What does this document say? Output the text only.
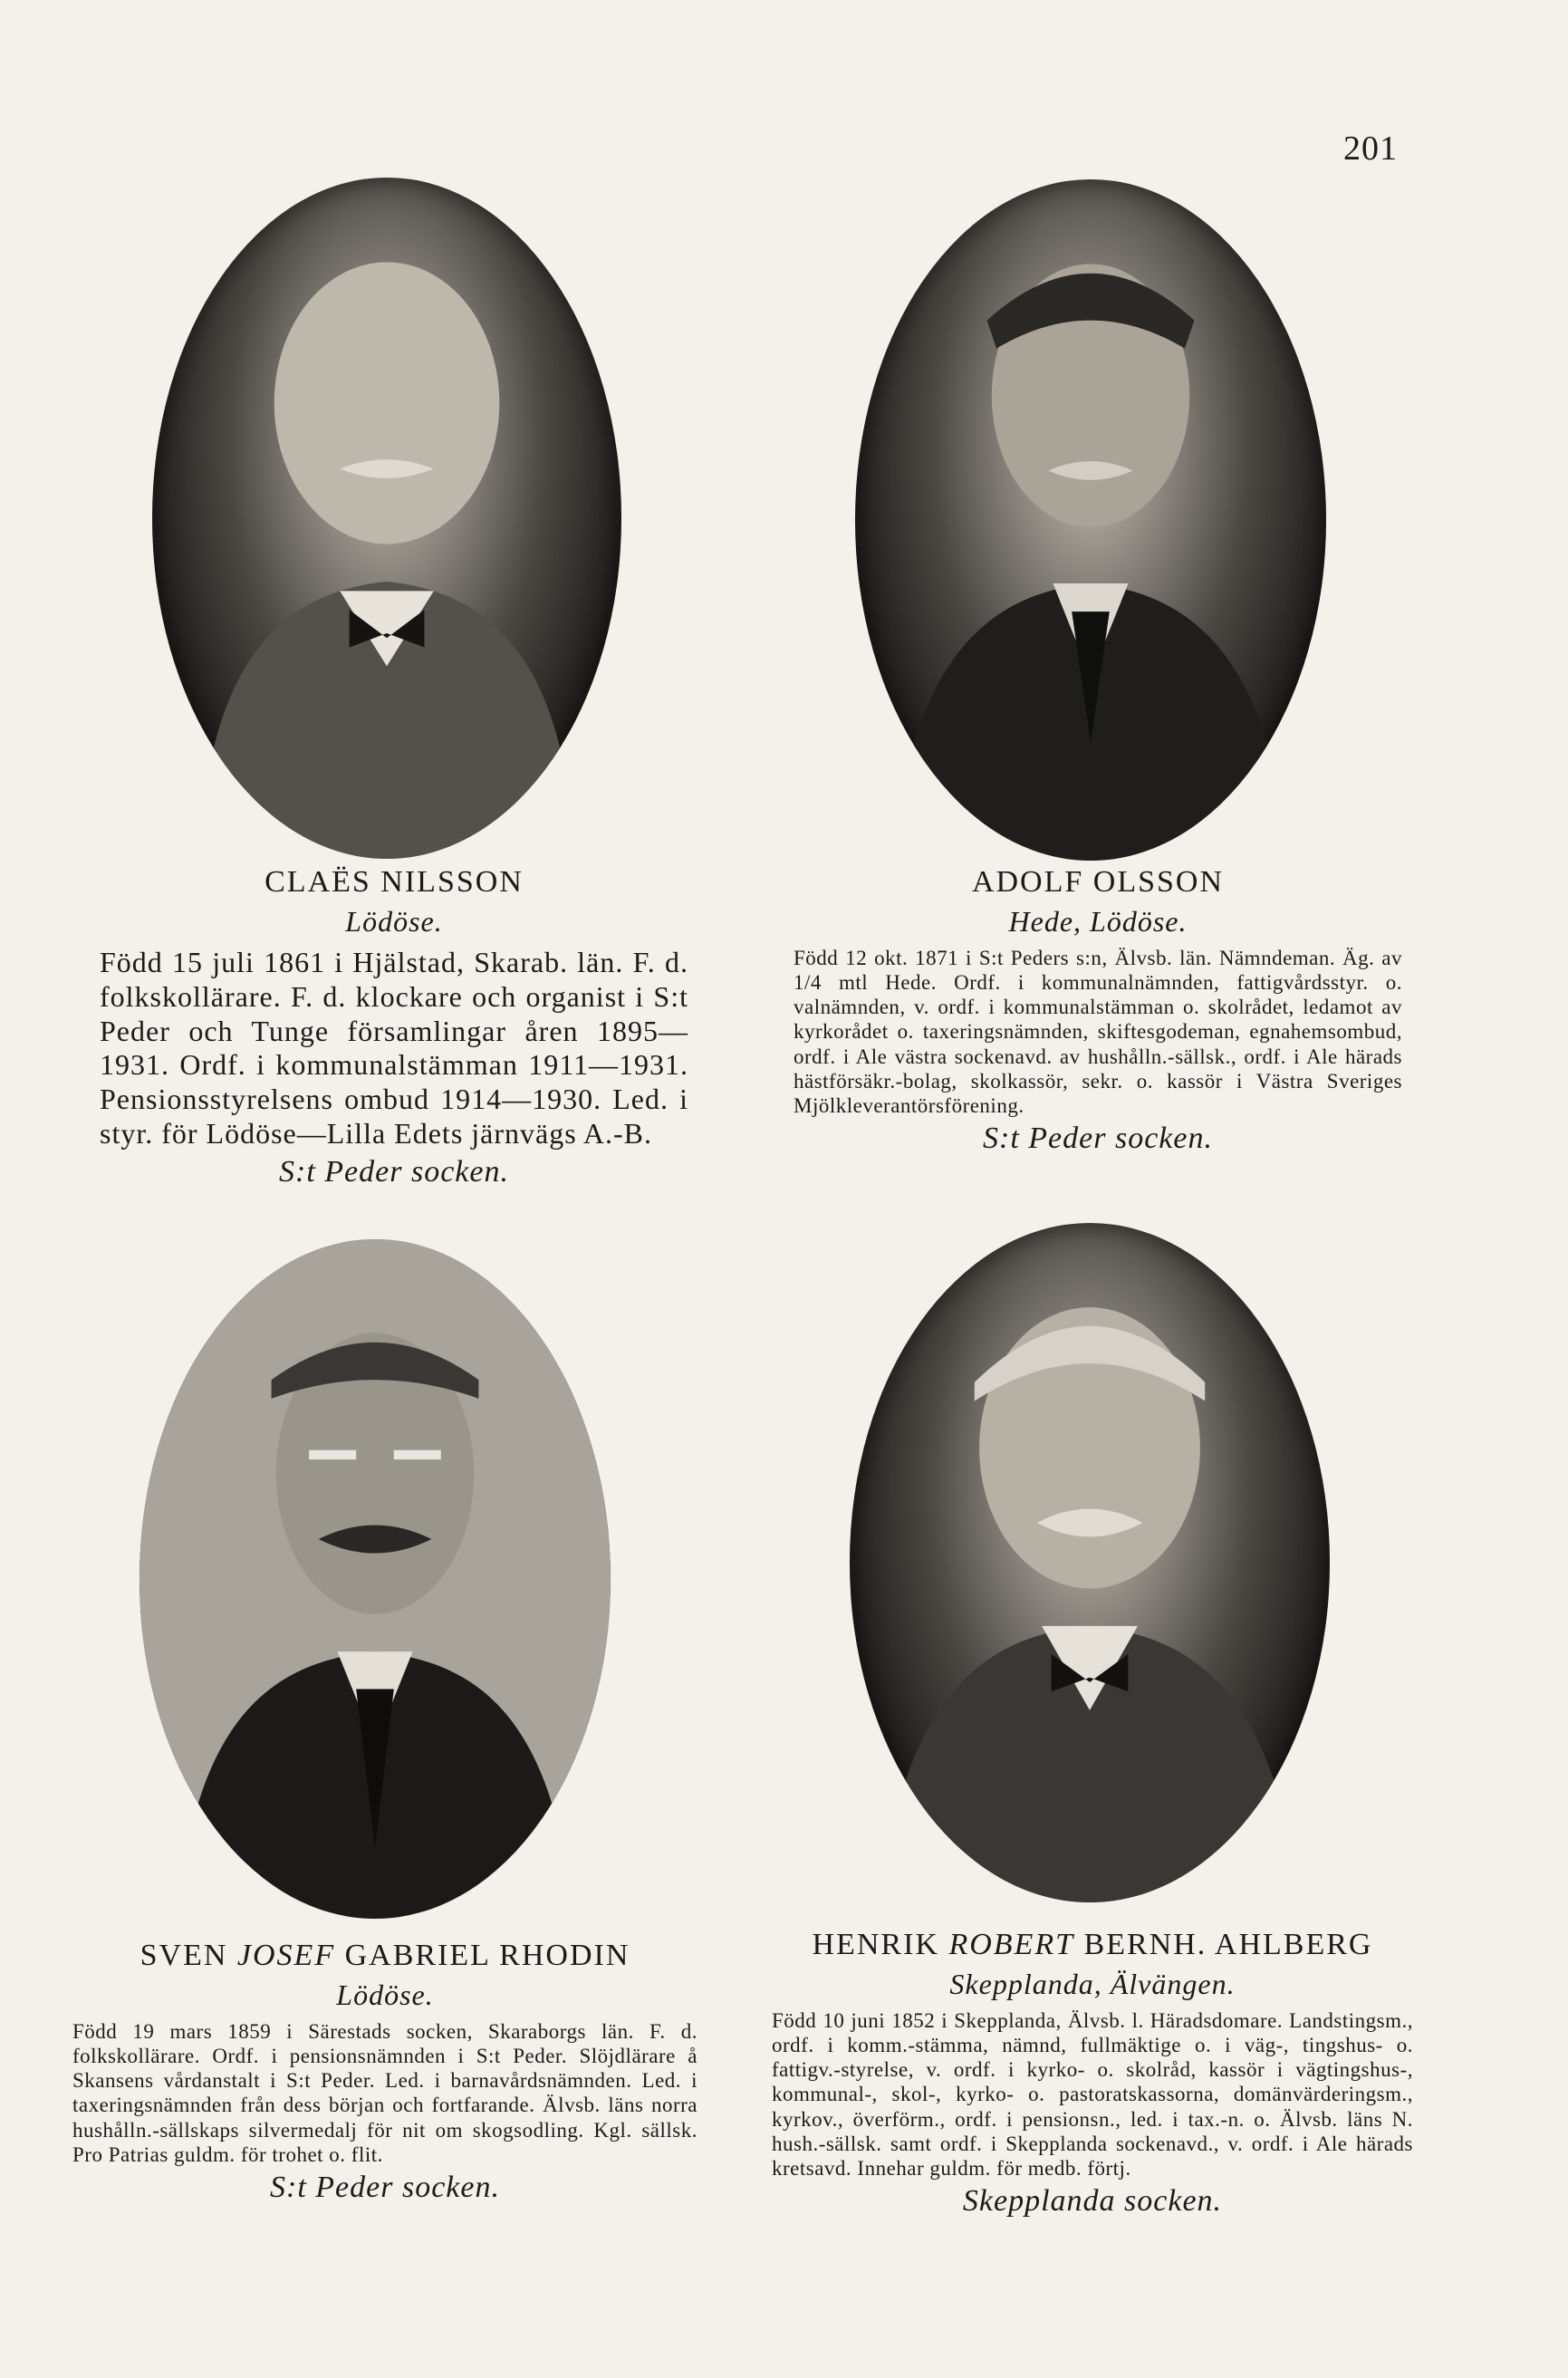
201
CLAËS NILSSON
Lödöse.

Född 15 juli 1861 i Hjälstad, Skarab. län. F. d. folkskollärare. F. d. klockare och organist i S:t Peder och Tunge församlingar åren 1895—1931. Ordf. i kommunalstämman 1911—1931. Pensionsstyrelsens ombud 1914—1930. Led. i styr. för Lödöse—Lilla Edets järnvägs A.-B.

S:t Peder socken.
ADOLF OLSSON
Hede, Lödöse.

Född 12 okt. 1871 i S:t Peders s:n, Älvsb. län. Nämndeman. Äg. av 1/4 mtl Hede. Ordf. i kommunalnämnden, fattigvårdsstyr. o. valnämnden, v. ordf. i kommunalstämman o. skolrådet, ledamot av kyrkorådet o. taxeringsnämnden, skiftesgodeman, egnahemsombud, ordf. i Ale västra sockenavd. av hushålln.-sällsk., ordf. i Ale härads hästförsäkr.-bolag, skolkassör, sekr. o. kassör i Västra Sveriges Mjölkleverantörsförening.

S:t Peder socken.
SVEN JOSEF GABRIEL RHODIN
Lödöse.

Född 19 mars 1859 i Särestads socken, Skaraborgs län. F. d. folkskollärare. Ordf. i pensionsnämnden i S:t Peder. Slöjdlärare å Skansens vårdanstalt i S:t Peder. Led. i barnavårdsnämnden. Led. i taxeringsnämnden från dess början och fortfarande. Älvsb. läns norra hushålln.-sällskaps silvermedalj för nit om skogsodling. Kgl. sällsk. Pro Patrias guldm. för trohet o. flit.

S:t Peder socken.
HENRIK ROBERT BERNH. AHLBERG
Skepplanda, Älvängen.

Född 10 juni 1852 i Skepplanda, Älvsb. l. Häradsdomare. Landstingsm., ordf. i komm.-stämma, nämnd, fullmäktige o. i väg-, tingshus- o. fattigv.-styrelse, v. ordf. i kyrko- o. skolråd, kassör i vägtingshus-, kommunal-, skol-, kyrko- o. pastoratskassorna, domänvärderingsm., kyrkov., överförm., ordf. i pensionsn., led. i tax.-n. o. Älvsb. läns N. hush.-sällsk. samt ordf. i Skepplanda sockenavd., v. ordf. i Ale härads kretsavd. Innehar guldm. för medb. förtj.

Skepplanda socken.
